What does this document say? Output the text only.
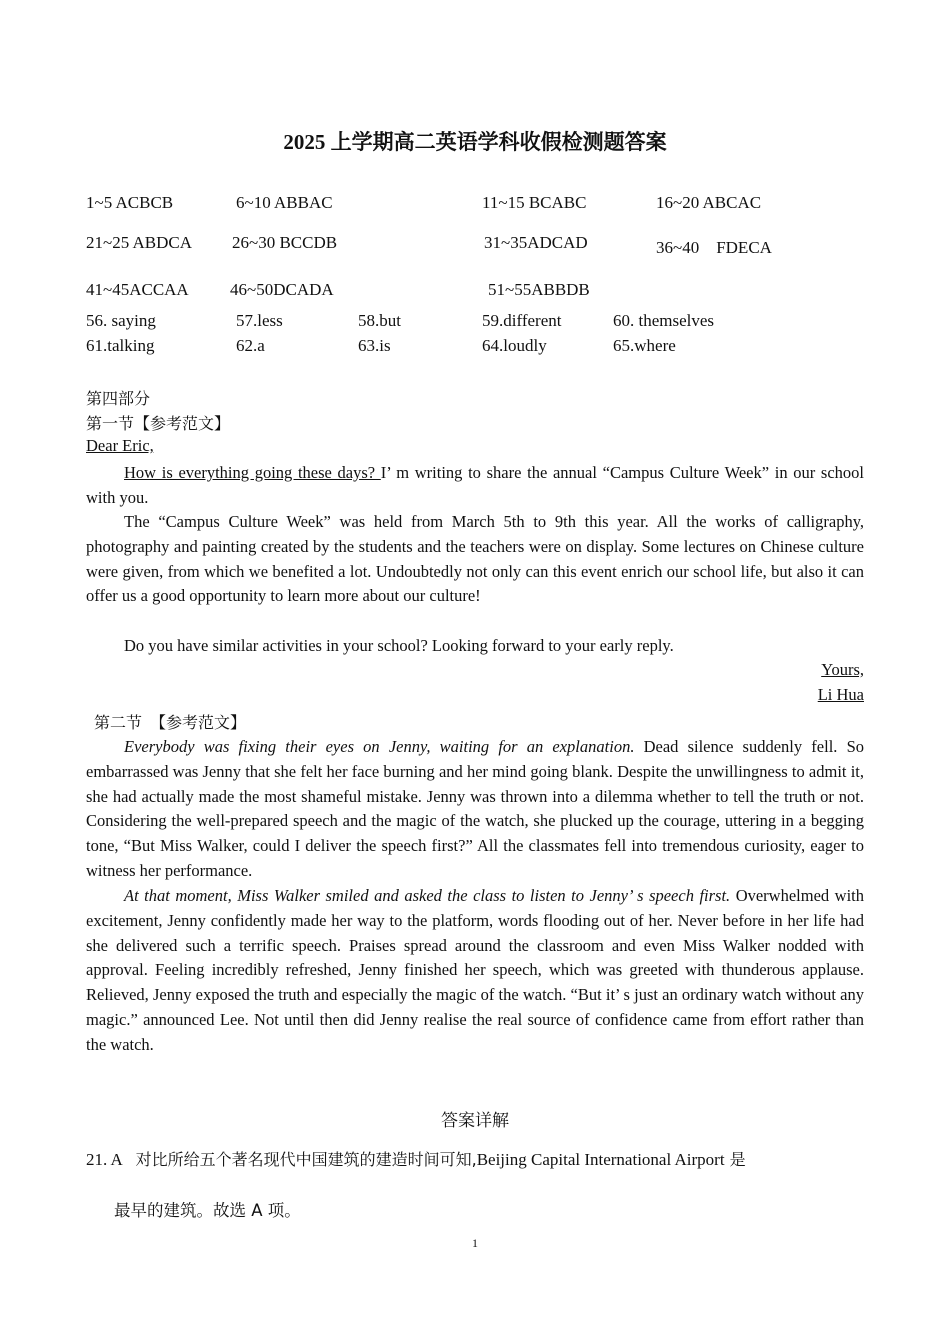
2025 上学期高二英语学科收假检测题答案
1~5 ACBCB	6~10 ABBAC	11~15 BCABC	16~20 ABCAC
21~25 ABDCA 26~30 BCCDB	31~35ADCAD	36~40　FDECA
41~45ACCAA 46~50DCADA	51~55ABBDB
56. saying	57.less	58.but	59.different	60. themselves
61.talking	62.a	63.is	64.loudly	65.where
第四部分
第一节【参考范文】
Dear Eric,
How is everything going these days? I’ m writing to share the annual “Campus Culture Week” in our school with you.
The “Campus Culture Week” was held from March 5th to 9th this year. All the works of calligraphy, photography and painting created by the students and the teachers were on display. Some lectures on Chinese culture were given, from which we benefited a lot. Undoubtedly not only can this event enrich our school life, but also it can offer us a good opportunity to learn more about our culture!
Do you have similar activities in your school? Looking forward to your early reply.
Yours,
Li Hua
第二节　【参考范文】
Everybody was fixing their eyes on Jenny, waiting for an explanation. Dead silence suddenly fell. So embarrassed was Jenny that she felt her face burning and her mind going blank. Despite the unwillingness to admit it, she had actually made the most shameful mistake. Jenny was thrown into a dilemma whether to tell the truth or not. Considering the well-prepared speech and the magic of the watch, she plucked up the courage, uttering in a begging tone, “But Miss Walker, could I deliver the speech first?” All the classmates fell into tremendous curiosity, eager to witness her performance.
At that moment, Miss Walker smiled and asked the class to listen to Jenny’ s speech first. Overwhelmed with excitement, Jenny confidently made her way to the platform, words flooding out of her. Never before in her life had she delivered such a terrific speech. Praises spread around the classroom and even Miss Walker nodded with approval. Feeling incredibly refreshed, Jenny finished her speech, which was greeted with thunderous applause. Relieved, Jenny exposed the truth and especially the magic of the watch. “But it’ s just an ordinary watch without any magic.” announced Lee. Not until then did Jenny realise the real source of confidence came from effort rather than the watch.
答案详解
21. A 对比所给五个著名现代中国建筑的建造时间可知,Beijing Capital International Airport 是
最早的建筑。故选 A 项。
1
